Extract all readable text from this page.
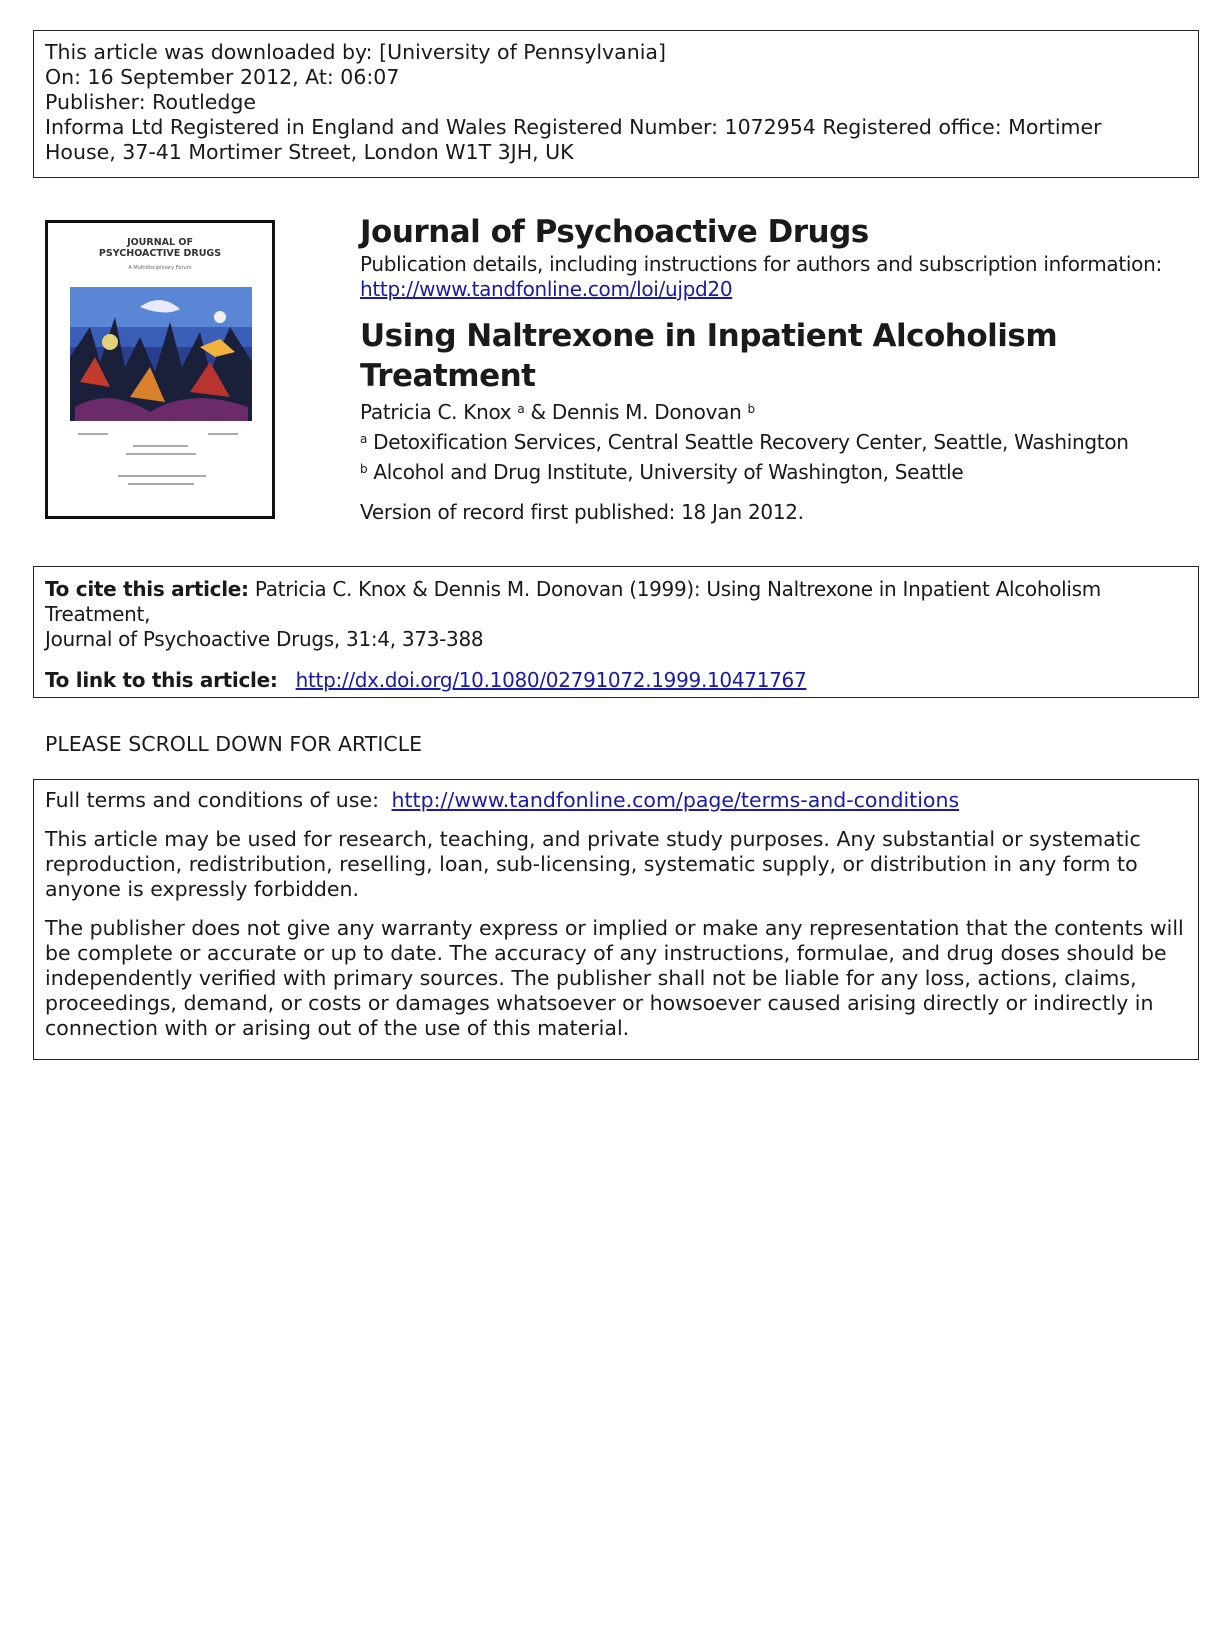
This article was downloaded by: [University of Pennsylvania]
On: 16 September 2012, At: 06:07
Publisher: Routledge
Informa Ltd Registered in England and Wales Registered Number: 1072954 Registered office: Mortimer
House, 37-41 Mortimer Street, London W1T 3JH, UK
JOURNAL OF
PSYCHOACTIVE DRUGS
A Multidisciplinary Forum
Journal of Psychoactive Drugs
Publication details, including instructions for authors and subscription information:
http://www.tandfonline.com/loi/ujpd20
Using Naltrexone in Inpatient Alcoholism Treatment
Patricia C. Knox $^a$ & Dennis M. Donovan $^b$
$^a$ Detoxification Services, Central Seattle Recovery Center, Seattle, Washington
$^b$ Alcohol and Drug Institute, University of Washington, Seattle
Version of record first published: 18 Jan 2012.
To cite this article: Patricia C. Knox & Dennis M. Donovan (1999): Using Naltrexone in Inpatient Alcoholism Treatment,
Journal of Psychoactive Drugs, 31:4, 373-388
To link to this article: http://dx.doi.org/10.1080/02791072.1999.10471767
PLEASE SCROLL DOWN FOR ARTICLE

Full terms and conditions of use: http://www.tandfonline.com/page/terms-and-conditions

This article may be used for research, teaching, and private study purposes. Any substantial or systematic reproduction, redistribution, reselling, loan, sub-licensing, systematic supply, or distribution in any form to anyone is expressly forbidden.

The publisher does not give any warranty express or implied or make any representation that the contents will be complete or accurate or up to date. The accuracy of any instructions, formulae, and drug doses should be independently verified with primary sources. The publisher shall not be liable for any loss, actions, claims, proceedings, demand, or costs or damages whatsoever or howsoever caused arising directly or indirectly in connection with or arising out of the use of this material.
